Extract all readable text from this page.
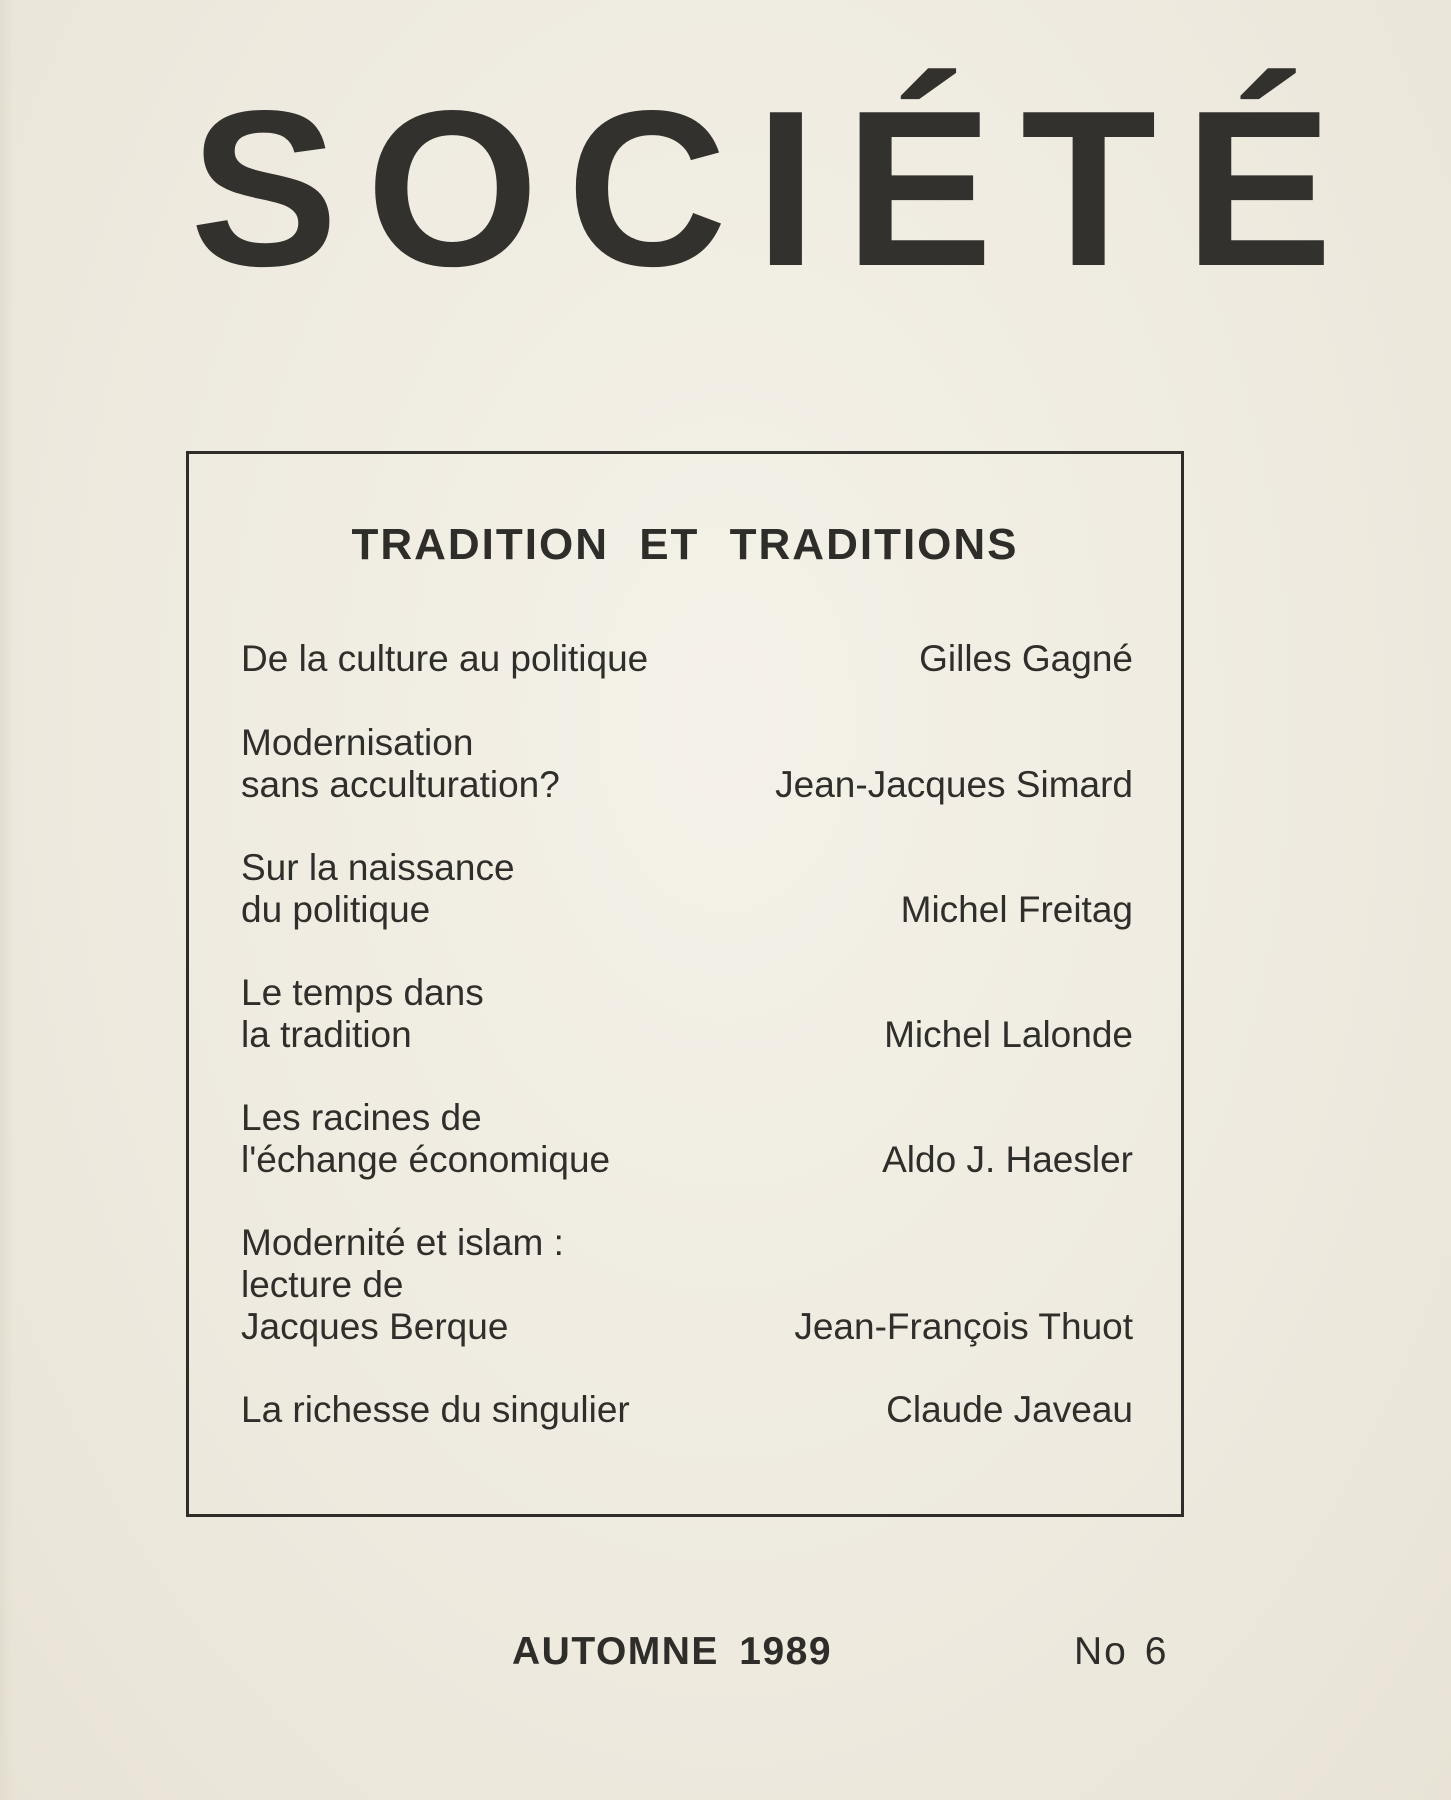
SOCIÉTÉ
TRADITION ET TRADITIONS
De la culture au politique	Gilles Gagné
Modernisation
sans acculturation?	Jean-Jacques Simard
Sur la naissance
du politique	Michel Freitag
Le temps dans
la tradition	Michel Lalonde
Les racines de
l'échange économique	Aldo J. Haesler
Modernité et islam :
lecture de
Jacques Berque	Jean-François Thuot
La richesse du singulier	Claude Javeau
AUTOMNE 1989	No 6
